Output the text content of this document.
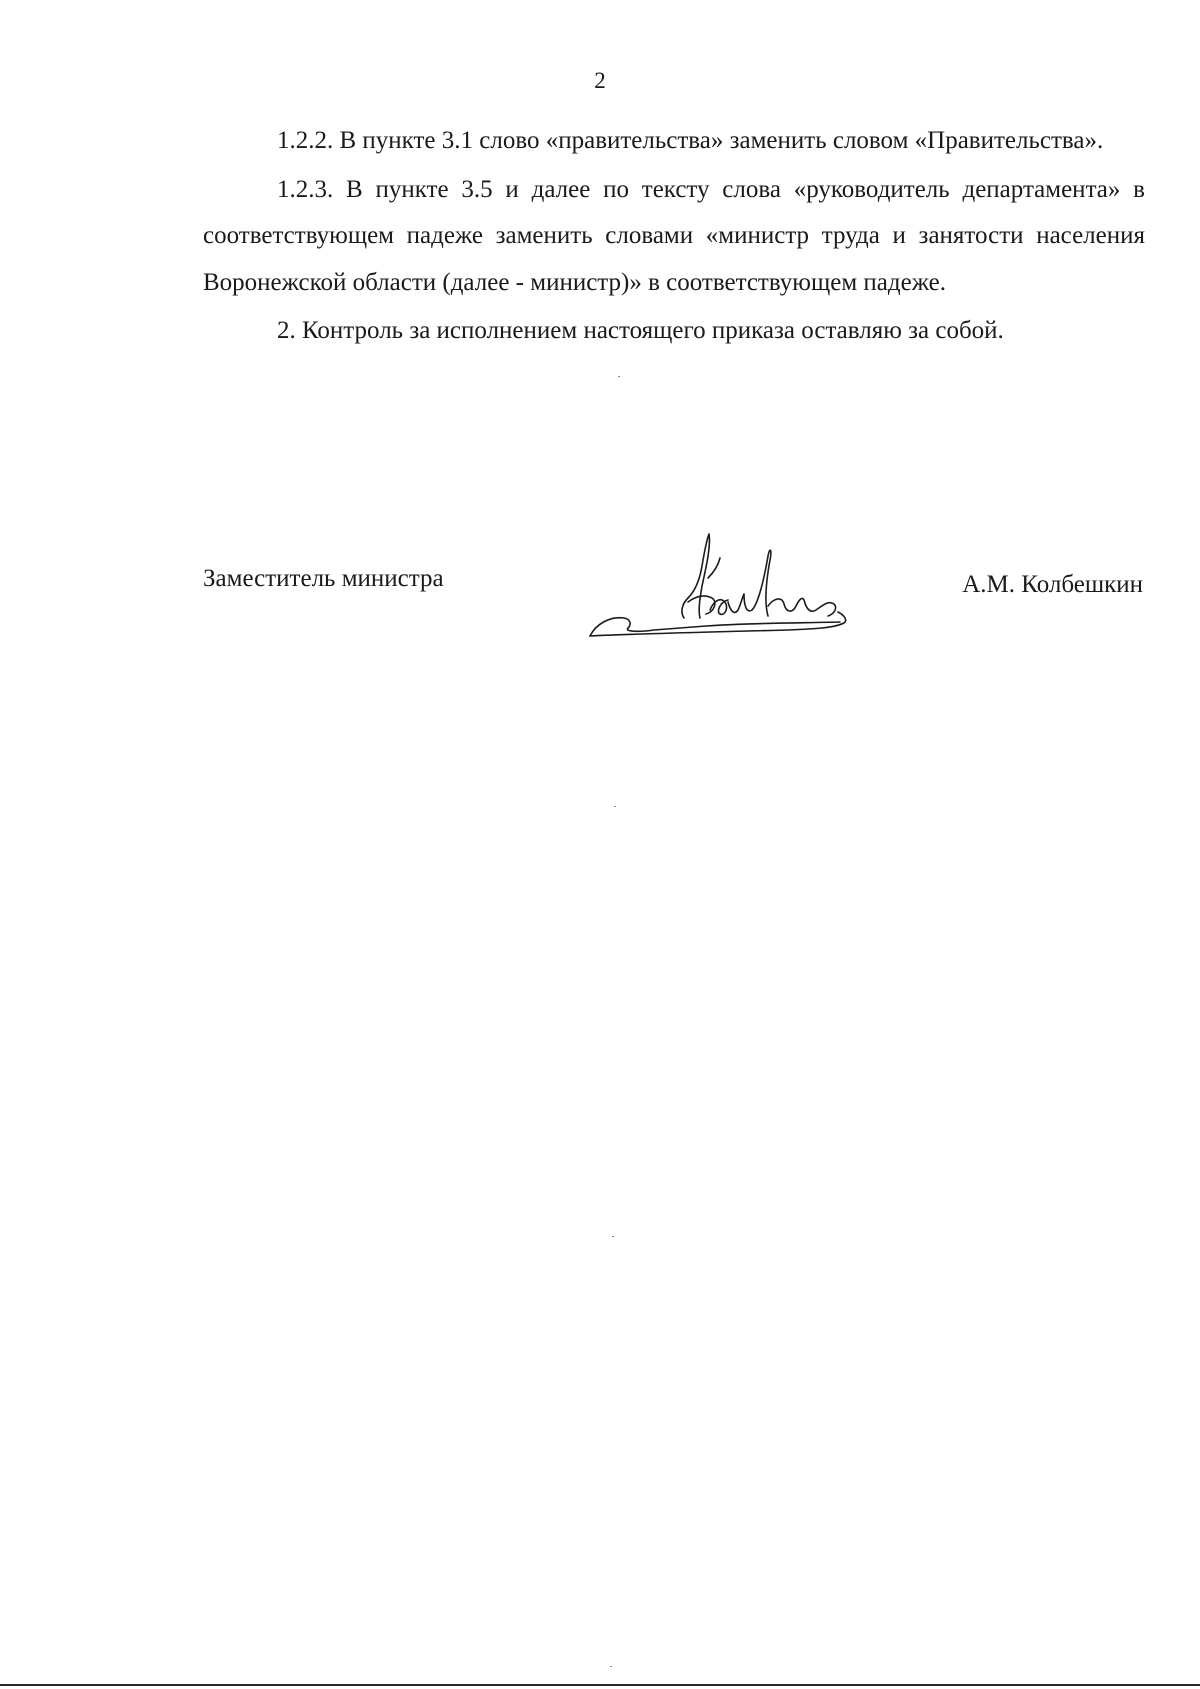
2

1.2.2. В пункте 3.1 слово «правительства» заменить словом «Правительства».

1.2.3. В пункте 3.5 и далее по тексту слова «руководитель департамента» в соответствующем падеже заменить словами «министр труда и занятости населения Воронежской области (далее - министр)» в соответствующем падеже.

2. Контроль за исполнением настоящего приказа оставляю за собой.

Заместитель министра	А.М. Колбешкин
